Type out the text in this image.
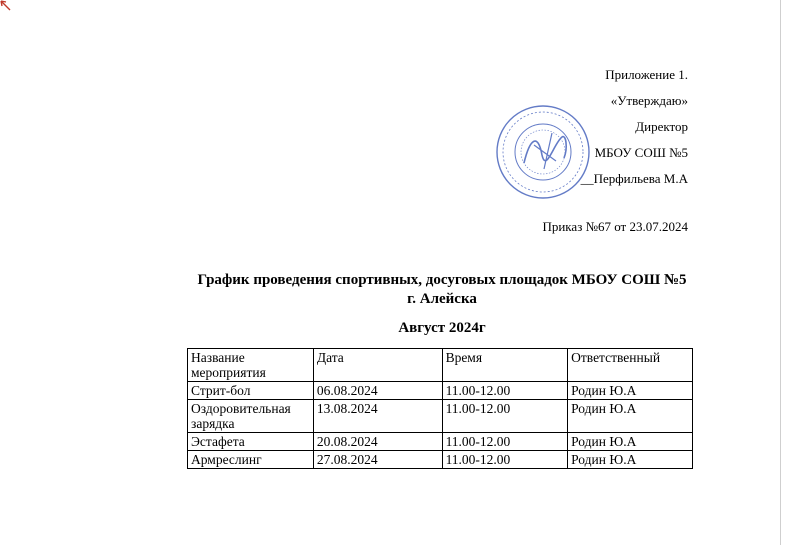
Приложение 1.
«Утверждаю»
Директор
МБОУ СОШ №5
__Перфильева М.А
Приказ №67 от 23.07.2024
График проведения спортивных, досуговых площадок МБОУ СОШ №5
г. Алейска
Август 2024г
Название мероприятия	Дата	Время	Ответственный
Стрит-бол	06.08.2024	11.00-12.00	Родин Ю.А
Оздоровительная зарядка	13.08.2024	11.00-12.00	Родин Ю.А
Эстафета	20.08.2024	11.00-12.00	Родин Ю.А
Армреслинг	27.08.2024	11.00-12.00	Родин Ю.А
